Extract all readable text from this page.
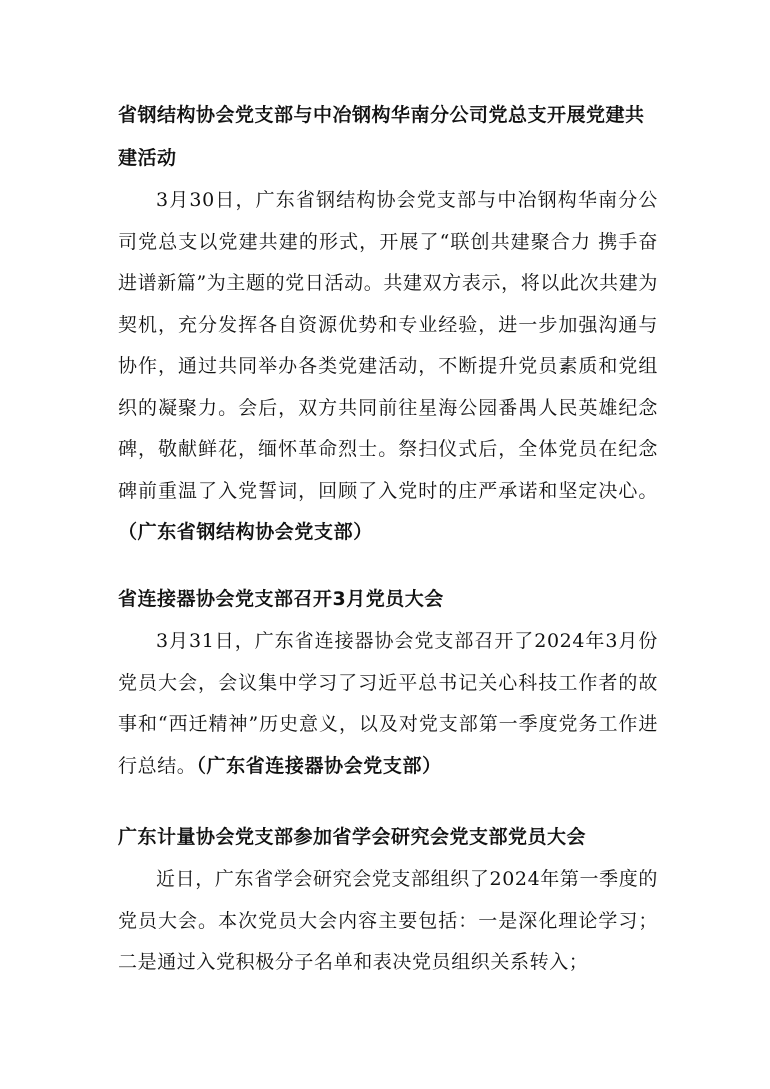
省钢结构协会党支部与中冶钢构华南分公司党总支开展党建共建活动

3月30日，广东省钢结构协会党支部与中冶钢构华南分公司党总支以党建共建的形式，开展了“联创共建聚合力 携手奋进谱新篇”为主题的党日活动。共建双方表示，将以此次共建为契机，充分发挥各自资源优势和专业经验，进一步加强沟通与协作，通过共同举办各类党建活动，不断提升党员素质和党组织的凝聚力。会后，双方共同前往星海公园番禺人民英雄纪念碑，敬献鲜花，缅怀革命烈士。祭扫仪式后，全体党员在纪念碑前重温了入党誓词，回顾了入党时的庄严承诺和坚定决心。（广东省钢结构协会党支部）

省连接器协会党支部召开3月党员大会

3月31日，广东省连接器协会党支部召开了2024年3月份党员大会，会议集中学习了习近平总书记关心科技工作者的故事和“西迁精神”历史意义，以及对党支部第一季度党务工作进行总结。（广东省连接器协会党支部）

广东计量协会党支部参加省学会研究会党支部党员大会

近日，广东省学会研究会党支部组织了2024年第一季度的党员大会。本次党员大会内容主要包括：一是深化理论学习；二是通过入党积极分子名单和表决党员组织关系转入；
